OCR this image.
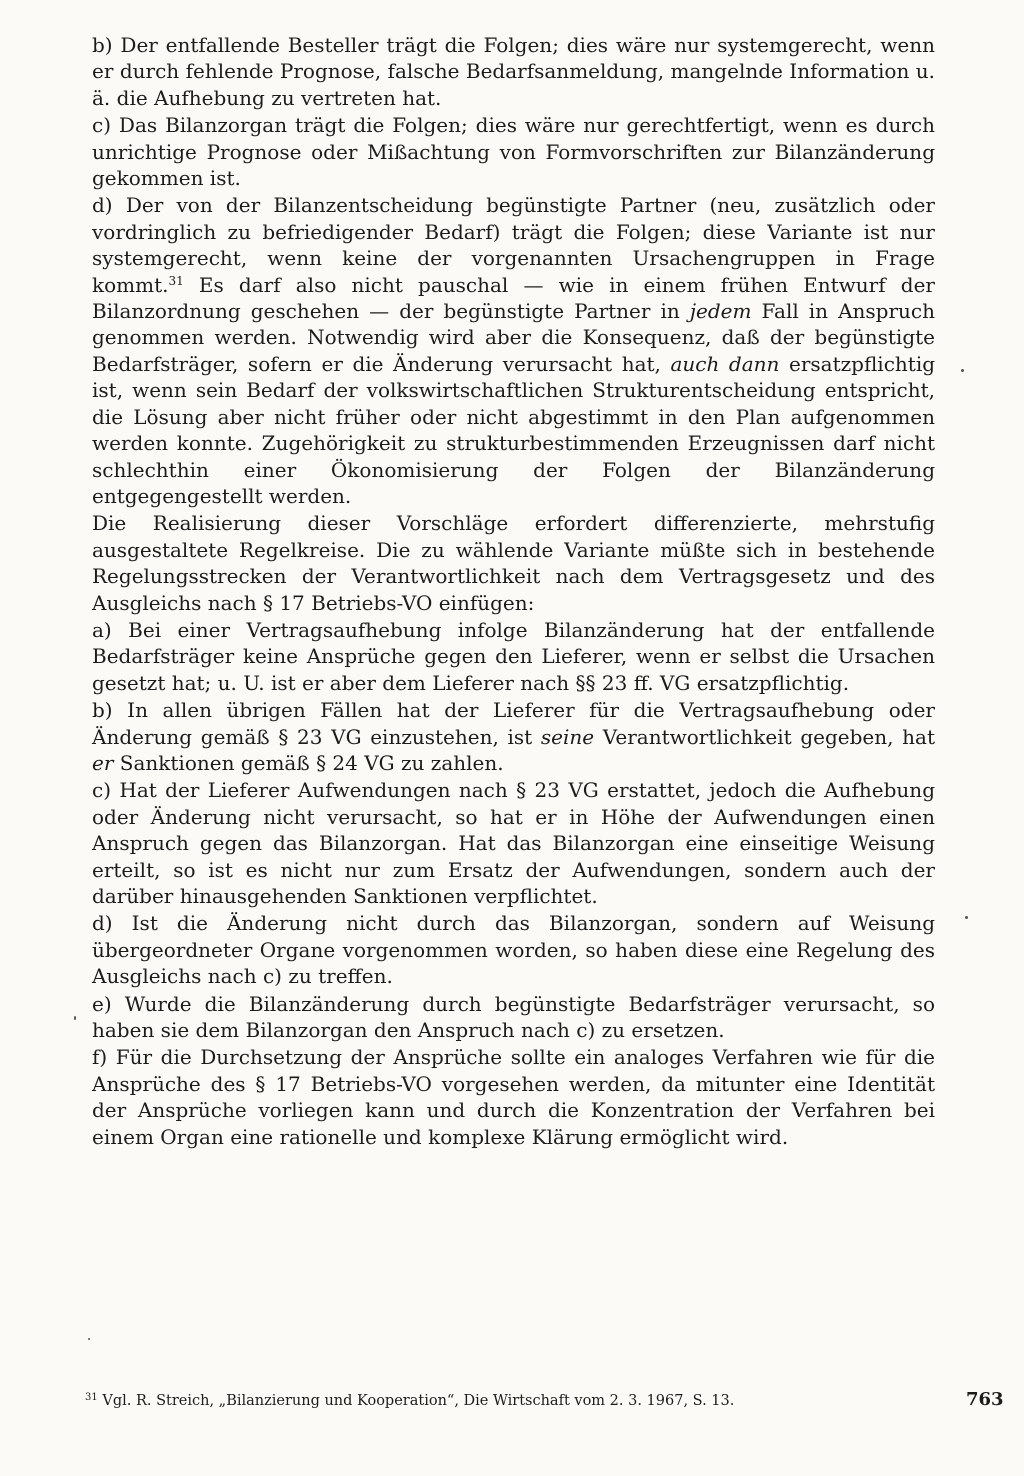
b) Der entfallende Besteller trägt die Folgen; dies wäre nur systemgerecht, wenn er durch fehlende Prognose, falsche Bedarfsanmeldung, mangelnde Information u. ä. die Aufhebung zu vertreten hat.

c) Das Bilanzorgan trägt die Folgen; dies wäre nur gerechtfertigt, wenn es durch unrichtige Prognose oder Mißachtung von Formvorschriften zur Bilanzänderung gekommen ist.

d) Der von der Bilanzentscheidung begünstigte Partner (neu, zusätzlich oder vordringlich zu befriedigender Bedarf) trägt die Folgen; diese Variante ist nur systemgerecht, wenn keine der vorgenannten Ursachengruppen in Frage kommt.$^{31}$ Es darf also nicht pauschal — wie in einem frühen Entwurf der Bilanzordnung geschehen — der begünstigte Partner in jedem Fall in Anspruch genommen werden. Notwendig wird aber die Konsequenz, daß der begünstigte Bedarfsträger, sofern er die Änderung verursacht hat, auch dann ersatzpflichtig ist, wenn sein Bedarf der volkswirtschaftlichen Strukturentscheidung entspricht, die Lösung aber nicht früher oder nicht abgestimmt in den Plan aufgenommen werden konnte. Zugehörigkeit zu strukturbestimmenden Erzeugnissen darf nicht schlechthin einer Ökonomisierung der Folgen der Bilanzänderung entgegengestellt werden.

Die Realisierung dieser Vorschläge erfordert differenzierte, mehrstufig ausgestaltete Regelkreise. Die zu wählende Variante müßte sich in bestehende Regelungsstrecken der Verantwortlichkeit nach dem Vertragsgesetz und des Ausgleichs nach § 17 Betriebs-VO einfügen:

a) Bei einer Vertragsaufhebung infolge Bilanzänderung hat der entfallende Bedarfsträger keine Ansprüche gegen den Lieferer, wenn er selbst die Ursachen gesetzt hat; u. U. ist er aber dem Lieferer nach §§ 23 ff. VG ersatzpflichtig.

b) In allen übrigen Fällen hat der Lieferer für die Vertragsaufhebung oder Änderung gemäß § 23 VG einzustehen, ist seine Verantwortlichkeit gegeben, hat er Sanktionen gemäß § 24 VG zu zahlen.

c) Hat der Lieferer Aufwendungen nach § 23 VG erstattet, jedoch die Aufhebung oder Änderung nicht verursacht, so hat er in Höhe der Aufwendungen einen Anspruch gegen das Bilanzorgan. Hat das Bilanzorgan eine einseitige Weisung erteilt, so ist es nicht nur zum Ersatz der Aufwendungen, sondern auch der darüber hinausgehenden Sanktionen verpflichtet.

d) Ist die Änderung nicht durch das Bilanzorgan, sondern auf Weisung übergeordneter Organe vorgenommen worden, so haben diese eine Regelung des Ausgleichs nach c) zu treffen.

e) Wurde die Bilanzänderung durch begünstigte Bedarfsträger verursacht, so haben sie dem Bilanzorgan den Anspruch nach c) zu ersetzen.

f) Für die Durchsetzung der Ansprüche sollte ein analoges Verfahren wie für die Ansprüche des § 17 Betriebs-VO vorgesehen werden, da mitunter eine Identität der Ansprüche vorliegen kann und durch die Konzentration der Verfahren bei einem Organ eine rationelle und komplexe Klärung ermöglicht wird.

$^{31}$ Vgl. R. Streich, „Bilanzierung und Kooperation“, Die Wirtschaft vom 2. 3. 1967, S. 13.	763
